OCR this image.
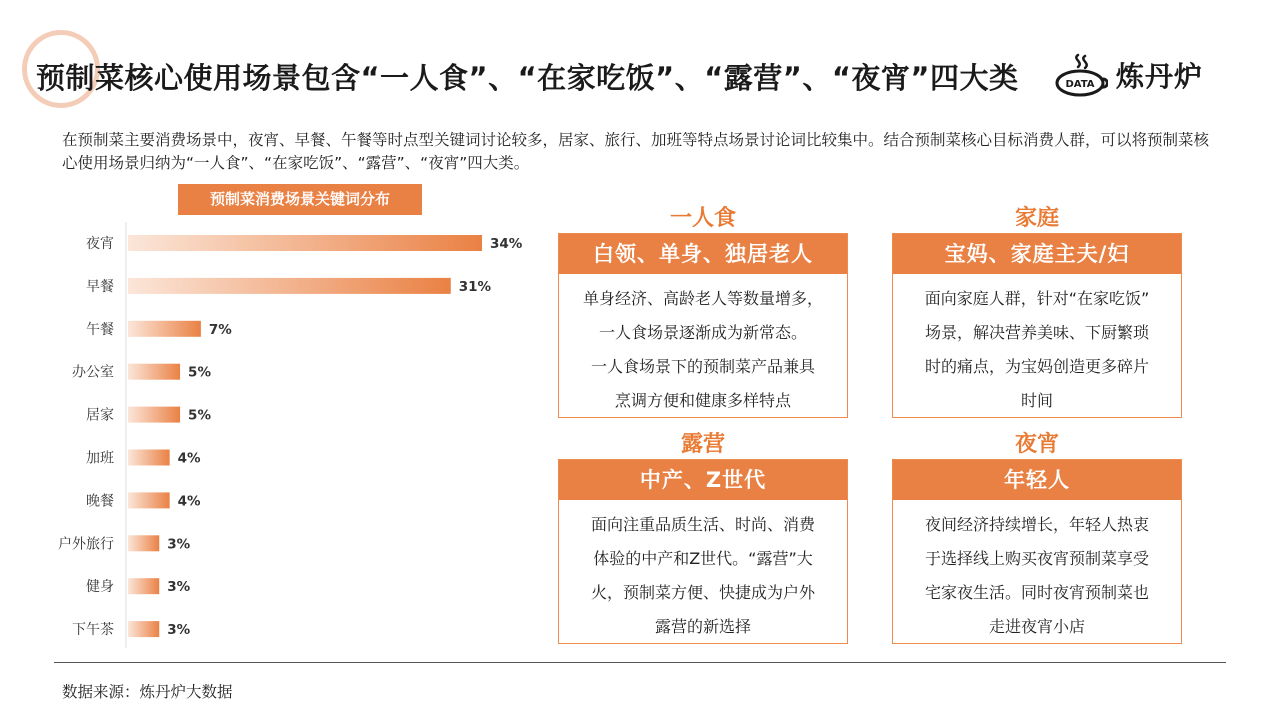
预制菜核心使用场景包含“一人食”、“在家吃饭”、“露营”、“夜宵”四大类	DATA 炼丹炉
在预制菜主要消费场景中，夜宵、早餐、午餐等时点型关键词讨论较多，居家、旅行、加班等特点场景讨论词比较集中。结合预制菜核心目标消费人群，可以将预制菜核心使用场景归纳为“一人食”、“在家吃饭”、“露营”、“夜宵”四大类。
预制菜消费场景关键词分布
夜宵	34%
早餐	31%
午餐	7%
办公室	5%
居家	5%
加班	4%
晚餐	4%
户外旅行	3%
健身	3%
下午茶	3%
一人食
白领、单身、独居老人
单身经济、高龄老人等数量增多，
一人食场景逐渐成为新常态。
一人食场景下的预制菜产品兼具
烹调方便和健康多样特点
家庭
宝妈、家庭主夫/妇
面向家庭人群，针对“在家吃饭”
场景，解决营养美味、下厨繁琐
时的痛点，为宝妈创造更多碎片
时间
露营
中产、Z世代
面向注重品质生活、时尚、消费
体验的中产和Z世代。“露营”大
火，预制菜方便、快捷成为户外
露营的新选择
夜宵
年轻人
夜间经济持续增长，年轻人热衷
于选择线上购买夜宵预制菜享受
宅家夜生活。同时夜宵预制菜也
走进夜宵小店
数据来源：炼丹炉大数据
